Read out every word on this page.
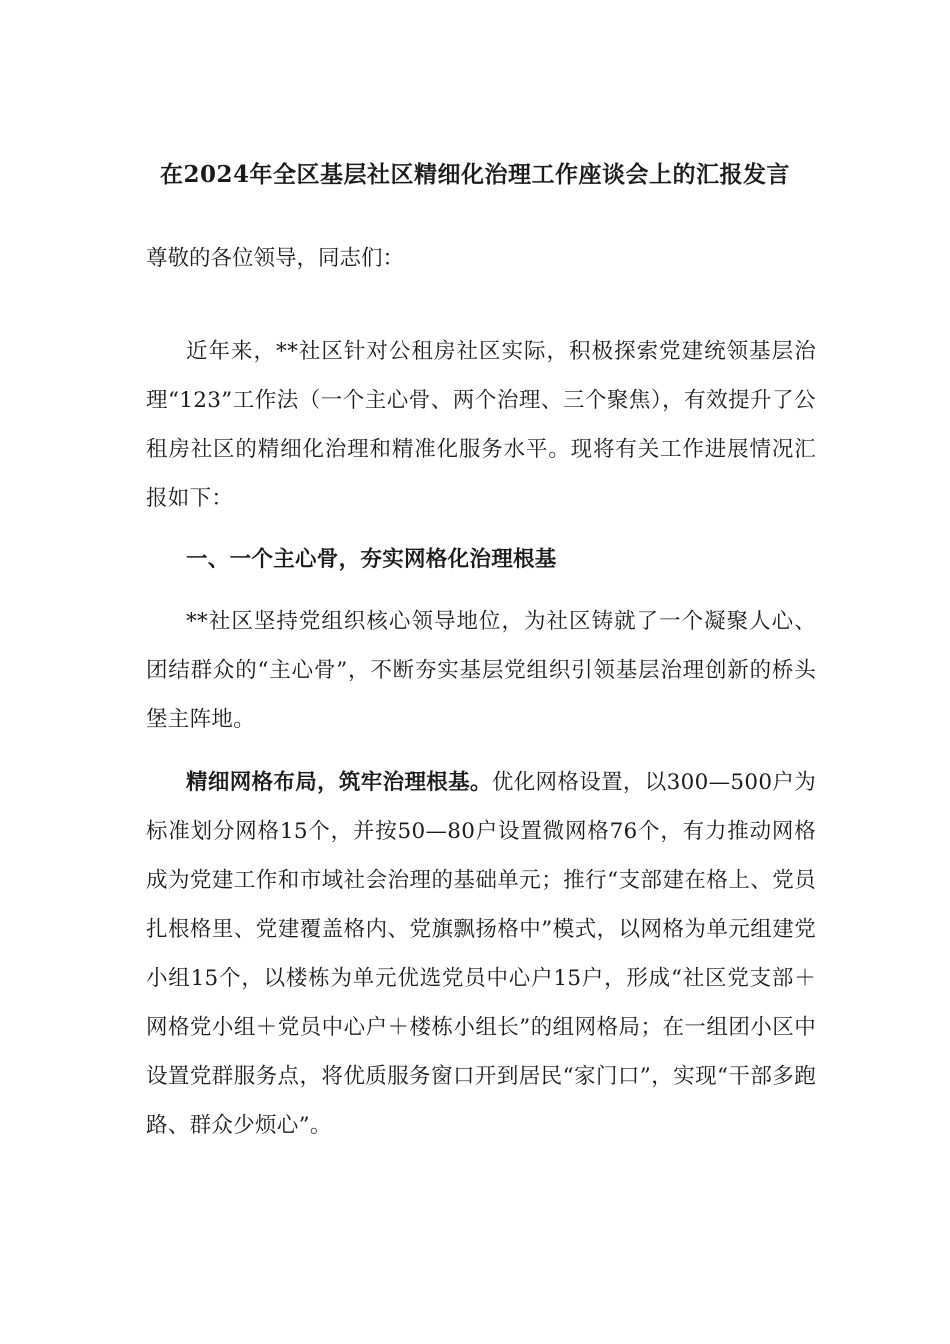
在2024年全区基层社区精细化治理工作座谈会上的汇报发言
尊敬的各位领导，同志们：
近年来，**社区针对公租房社区实际，积极探索党建统领基层治理“123”工作法（一个主心骨、两个治理、三个聚焦），有效提升了公租房社区的精细化治理和精准化服务水平。现将有关工作进展情况汇报如下：
一、一个主心骨，夯实网格化治理根基
**社区坚持党组织核心领导地位，为社区铸就了一个凝聚人心、团结群众的“主心骨”，不断夯实基层党组织引领基层治理创新的桥头堡主阵地。
精细网格布局，筑牢治理根基。优化网格设置，以300—500户为标准划分网格15个，并按50—80户设置微网格76个，有力推动网格成为党建工作和市域社会治理的基础单元；推行“支部建在格上、党员扎根格里、党建覆盖格内、党旗飘扬格中”模式，以网格为单元组建党小组15个，以楼栋为单元优选党员中心户15户，形成“社区党支部＋网格党小组＋党员中心户＋楼栋小组长”的组网格局；在一组团小区中设置党群服务点，将优质服务窗口开到居民“家门口”，实现“干部多跑路、群众少烦心”。
